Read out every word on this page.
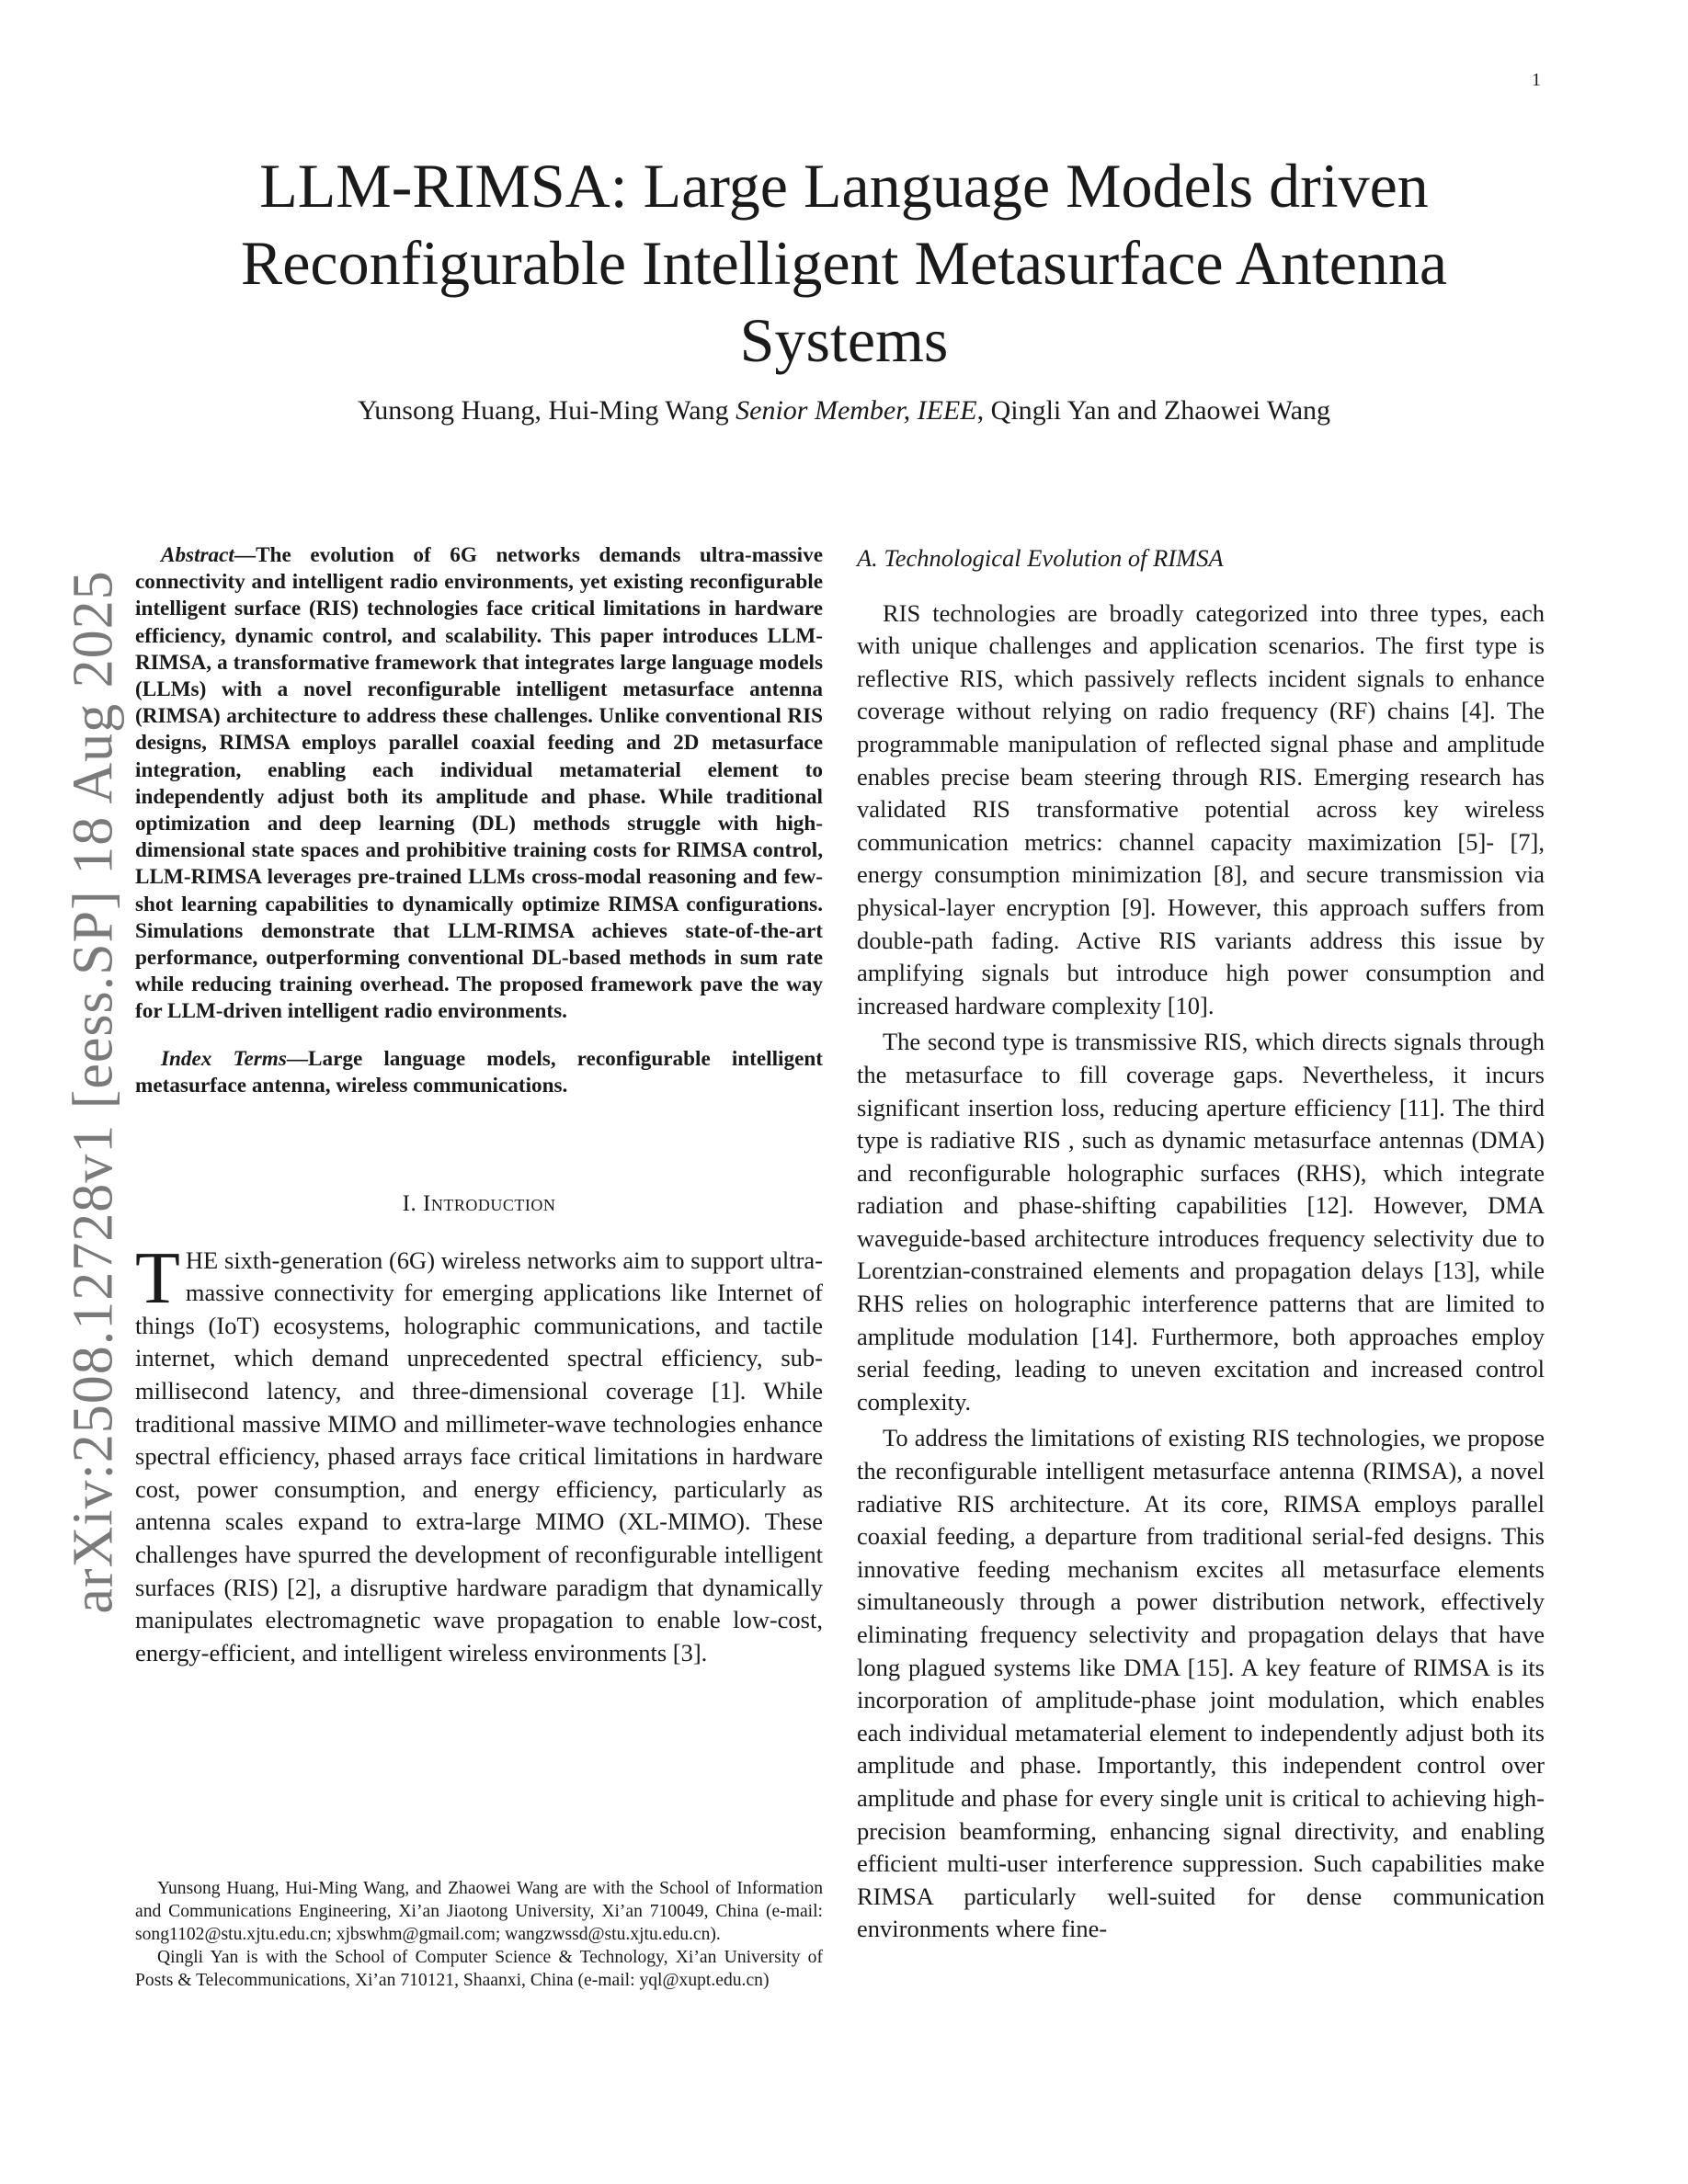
1
arXiv:2508.12728v1 [eess.SP] 18 Aug 2025
LLM-RIMSA: Large Language Models driven Reconfigurable Intelligent Metasurface Antenna Systems

Yunsong Huang, Hui-Ming Wang Senior Member, IEEE, Qingli Yan and Zhaowei Wang

Abstract—The evolution of 6G networks demands ultra-massive connectivity and intelligent radio environments, yet existing reconfigurable intelligent surface (RIS) technologies face critical limitations in hardware efficiency, dynamic control, and scalability. This paper introduces LLM-RIMSA, a transformative framework that integrates large language models (LLMs) with a novel reconfigurable intelligent metasurface antenna (RIMSA) architecture to address these challenges. Unlike conventional RIS designs, RIMSA employs parallel coaxial feeding and 2D metasurface integration, enabling each individual metamaterial element to independently adjust both its amplitude and phase. While traditional optimization and deep learning (DL) methods struggle with high-dimensional state spaces and prohibitive training costs for RIMSA control, LLM-RIMSA leverages pre-trained LLMs cross-modal reasoning and few-shot learning capabilities to dynamically optimize RIMSA configurations. Simulations demonstrate that LLM-RIMSA achieves state-of-the-art performance, outperforming conventional DL-based methods in sum rate while reducing training overhead. The proposed framework pave the way for LLM-driven intelligent radio environments.

Index Terms—Large language models, reconfigurable intelligent metasurface antenna, wireless communications.

I. Introduction

THE sixth-generation (6G) wireless networks aim to support ultra-massive connectivity for emerging applications like Internet of things (IoT) ecosystems, holographic communications, and tactile internet, which demand unprecedented spectral efficiency, sub-millisecond latency, and three-dimensional coverage [1]. While traditional massive MIMO and millimeter-wave technologies enhance spectral efficiency, phased arrays face critical limitations in hardware cost, power consumption, and energy efficiency, particularly as antenna scales expand to extra-large MIMO (XL-MIMO). These challenges have spurred the development of reconfigurable intelligent surfaces (RIS) [2], a disruptive hardware paradigm that dynamically manipulates electromagnetic wave propagation to enable low-cost, energy-efficient, and intelligent wireless environments [3].

Yunsong Huang, Hui-Ming Wang, and Zhaowei Wang are with the School of Information and Communications Engineering, Xi’an Jiaotong University, Xi’an 710049, China (e-mail: song1102@stu.xjtu.edu.cn; xjbswhm@gmail.com; wangzwssd@stu.xjtu.edu.cn).

Qingli Yan is with the School of Computer Science & Technology, Xi’an University of Posts & Telecommunications, Xi’an 710121, Shaanxi, China (e-mail: yql@xupt.edu.cn)

A. Technological Evolution of RIMSA

RIS technologies are broadly categorized into three types, each with unique challenges and application scenarios. The first type is reflective RIS, which passively reflects incident signals to enhance coverage without relying on radio frequency (RF) chains [4]. The programmable manipulation of reflected signal phase and amplitude enables precise beam steering through RIS. Emerging research has validated RIS transformative potential across key wireless communication metrics: channel capacity maximization [5]- [7], energy consumption minimization [8], and secure transmission via physical-layer encryption [9]. However, this approach suffers from double-path fading. Active RIS variants address this issue by amplifying signals but introduce high power consumption and increased hardware complexity [10].

The second type is transmissive RIS, which directs signals through the metasurface to fill coverage gaps. Nevertheless, it incurs significant insertion loss, reducing aperture efficiency [11]. The third type is radiative RIS , such as dynamic metasurface antennas (DMA) and reconfigurable holographic surfaces (RHS), which integrate radiation and phase-shifting capabilities [12]. However, DMA waveguide-based architecture introduces frequency selectivity due to Lorentzian-constrained elements and propagation delays [13], while RHS relies on holographic interference patterns that are limited to amplitude modulation [14]. Furthermore, both approaches employ serial feeding, leading to uneven excitation and increased control complexity.

To address the limitations of existing RIS technologies, we propose the reconfigurable intelligent metasurface antenna (RIMSA), a novel radiative RIS architecture. At its core, RIMSA employs parallel coaxial feeding, a departure from traditional serial-fed designs. This innovative feeding mechanism excites all metasurface elements simultaneously through a power distribution network, effectively eliminating frequency selectivity and propagation delays that have long plagued systems like DMA [15]. A key feature of RIMSA is its incorporation of amplitude-phase joint modulation, which enables each individual metamaterial element to independently adjust both its amplitude and phase. Importantly, this independent control over amplitude and phase for every single unit is critical to achieving high-precision beamforming, enhancing signal directivity, and enabling efficient multi-user interference suppression. Such capabilities make RIMSA particularly well-suited for dense communication environments where fine-
